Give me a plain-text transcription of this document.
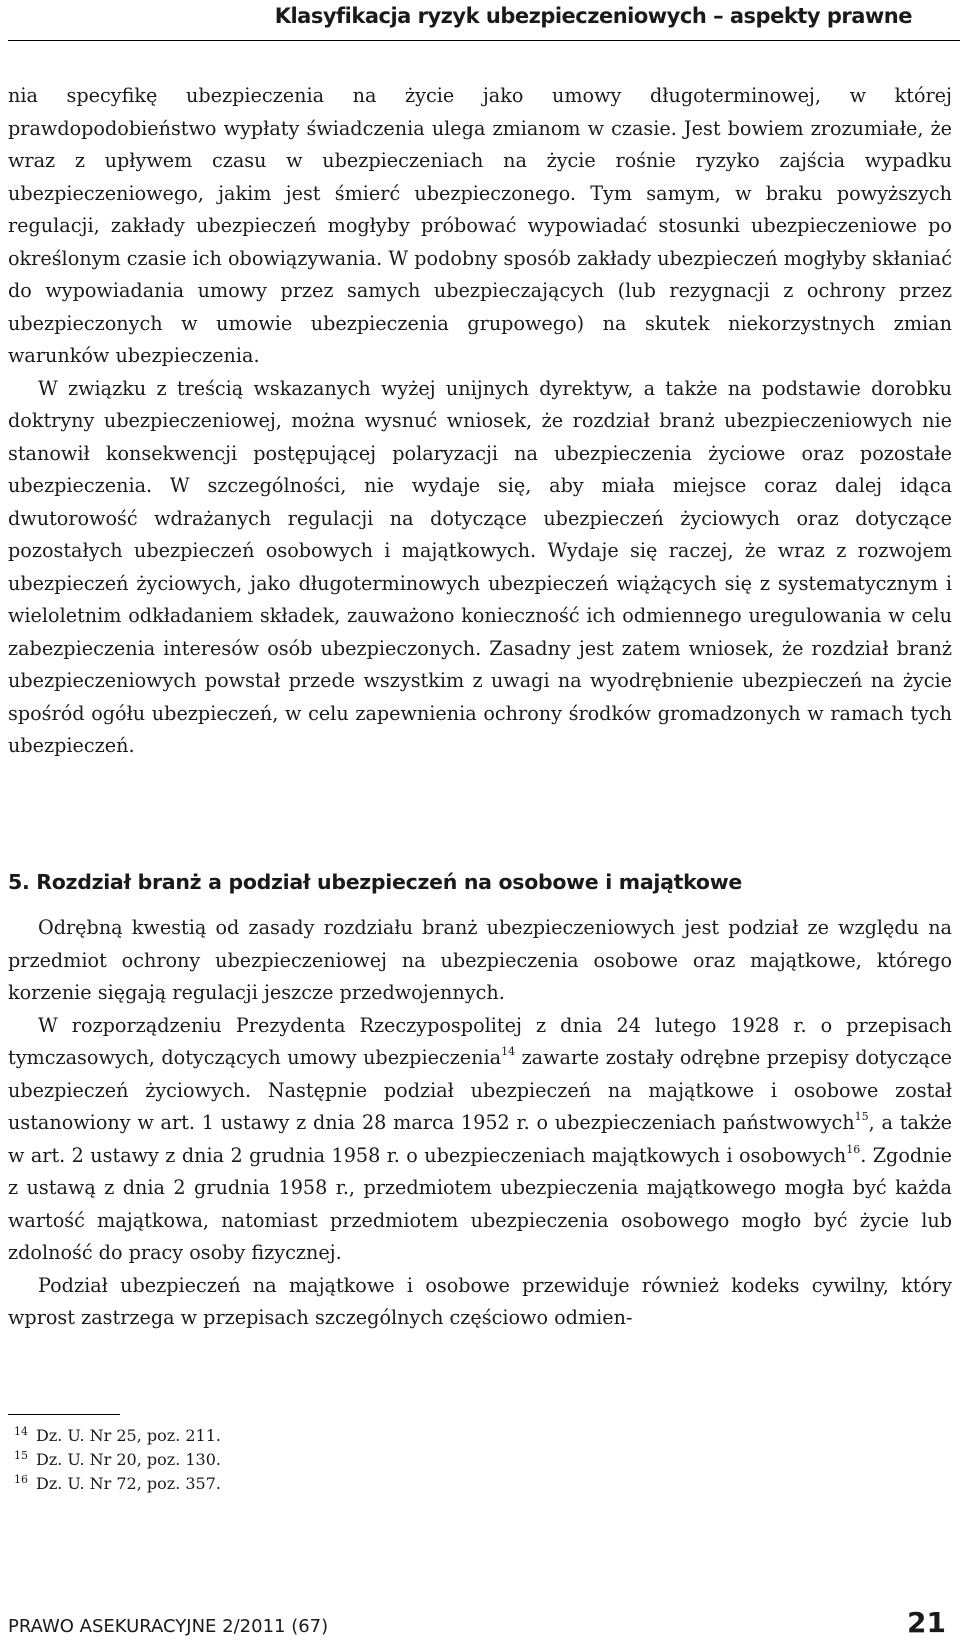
Klasyfikacja ryzyk ubezpieczeniowych – aspekty prawne

nia specyfikę ubezpieczenia na życie jako umowy długoterminowej, w której prawdopodobieństwo wypłaty świadczenia ulega zmianom w czasie. Jest bowiem zrozumiałe, że wraz z upływem czasu w ubezpieczeniach na życie rośnie ryzyko zajścia wypadku ubezpieczeniowego, jakim jest śmierć ubezpieczonego. Tym samym, w braku powyższych regulacji, zakłady ubezpieczeń mogłyby próbować wypowiadać stosunki ubezpieczeniowe po określonym czasie ich obowiązywania. W podobny sposób zakłady ubezpieczeń mogłyby skłaniać do wypowiadania umowy przez samych ubezpieczających (lub rezygnacji z ochrony przez ubezpieczonych w umowie ubezpieczenia grupowego) na skutek niekorzystnych zmian warunków ubezpieczenia.

W związku z treścią wskazanych wyżej unijnych dyrektyw, a także na podstawie dorobku doktryny ubezpieczeniowej, można wysnuć wniosek, że rozdział branż ubezpieczeniowych nie stanowił konsekwencji postępującej polaryzacji na ubezpieczenia życiowe oraz pozostałe ubezpieczenia. W szczególności, nie wydaje się, aby miała miejsce coraz dalej idąca dwutorowość wdrażanych regulacji na dotyczące ubezpieczeń życiowych oraz dotyczące pozostałych ubezpieczeń osobowych i majątkowych. Wydaje się raczej, że wraz z rozwojem ubezpieczeń życiowych, jako długoterminowych ubezpieczeń wiążących się z systematycznym i wieloletnim odkładaniem składek, zauważono konieczność ich odmiennego uregulowania w celu zabezpieczenia interesów osób ubezpieczonych. Zasadny jest zatem wniosek, że rozdział branż ubezpieczeniowych powstał przede wszystkim z uwagi na wyodrębnienie ubezpieczeń na życie spośród ogółu ubezpieczeń, w celu zapewnienia ochrony środków gromadzonych w ramach tych ubezpieczeń.

5. Rozdział branż a podział ubezpieczeń na osobowe i majątkowe

Odrębną kwestią od zasady rozdziału branż ubezpieczeniowych jest podział ze względu na przedmiot ochrony ubezpieczeniowej na ubezpieczenia osobowe oraz majątkowe, którego korzenie sięgają regulacji jeszcze przedwojennych.

W rozporządzeniu Prezydenta Rzeczypospolitej z dnia 24 lutego 1928 r. o przepisach tymczasowych, dotyczących umowy ubezpieczenia$^{14}$ zawarte zostały odrębne przepisy dotyczące ubezpieczeń życiowych. Następnie podział ubezpieczeń na majątkowe i osobowe został ustanowiony w art. 1 ustawy z dnia 28 marca 1952 r. o ubezpieczeniach państwowych$^{15}$, a także w art. 2 ustawy z dnia 2 grudnia 1958 r. o ubezpieczeniach majątkowych i osobowych$^{16}$. Zgodnie z ustawą z dnia 2 grudnia 1958 r., przedmiotem ubezpieczenia majątkowego mogła być każda wartość majątkowa, natomiast przedmiotem ubezpieczenia osobowego mogło być życie lub zdolność do pracy osoby fizycznej.

Podział ubezpieczeń na majątkowe i osobowe przewiduje również kodeks cywilny, który wprost zastrzega w przepisach szczególnych częściowo odmien-

14 Dz. U. Nr 25, poz. 211.
15 Dz. U. Nr 20, poz. 130.
16 Dz. U. Nr 72, poz. 357.
PRAWO ASEKURACYJNE 2/2011 (67)	21
